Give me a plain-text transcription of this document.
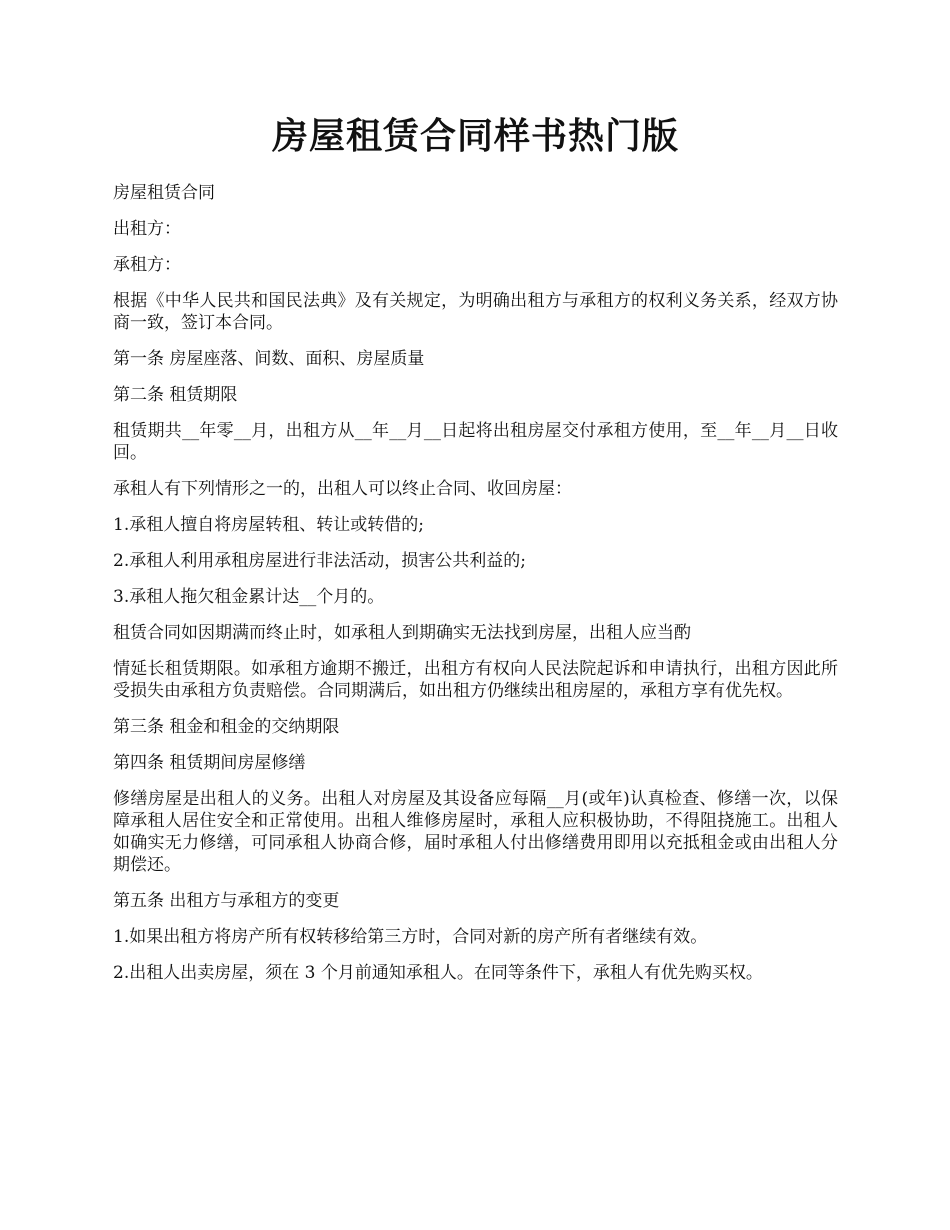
房屋租赁合同样书热门版

房屋租赁合同

出租方：

承租方：

根据《中华人民共和国民法典》及有关规定，为明确出租方与承租方的权利义务关系，经双方协商一致，签订本合同。

第一条 房屋座落、间数、面积、房屋质量

第二条 租赁期限

租赁期共__年零__月，出租方从__年__月__日起将出租房屋交付承租方使用，至__年__月__日收回。

承租人有下列情形之一的，出租人可以终止合同、收回房屋：

1.承租人擅自将房屋转租、转让或转借的;

2.承租人利用承租房屋进行非法活动，损害公共利益的;

3.承租人拖欠租金累计达__个月的。

租赁合同如因期满而终止时，如承租人到期确实无法找到房屋，出租人应当酌

情延长租赁期限。如承租方逾期不搬迁，出租方有权向人民法院起诉和申请执行，出租方因此所受损失由承租方负责赔偿。合同期满后，如出租方仍继续出租房屋的，承租方享有优先权。

第三条 租金和租金的交纳期限

第四条 租赁期间房屋修缮

修缮房屋是出租人的义务。出租人对房屋及其设备应每隔__月(或年)认真检查、修缮一次，以保障承租人居住安全和正常使用。出租人维修房屋时，承租人应积极协助，不得阻挠施工。出租人如确实无力修缮，可同承租人协商合修，届时承租人付出修缮费用即用以充抵租金或由出租人分期偿还。

第五条 出租方与承租方的变更

1.如果出租方将房产所有权转移给第三方时，合同对新的房产所有者继续有效。

2.出租人出卖房屋，须在 3 个月前通知承租人。在同等条件下，承租人有优先购买权。
